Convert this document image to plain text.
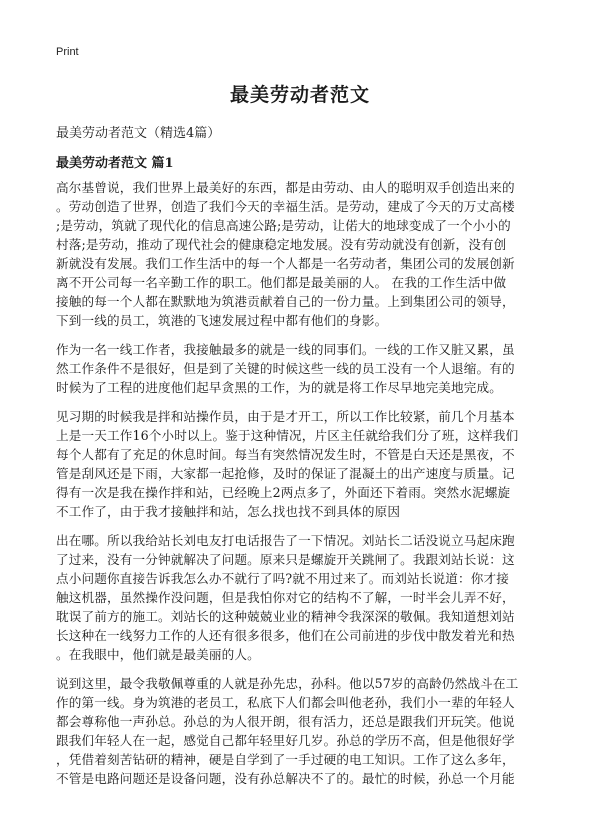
Print
最美劳动者范文
最美劳动者范文（精选4篇）
最美劳动者范文 篇1
高尔基曾说，我们世界上最美好的东西，都是由劳动、由人的聪明双手创造出来的
。劳动创造了世界，创造了我们今天的幸福生活。是劳动，建成了今天的万丈高楼
;是劳动，筑就了现代化的信息高速公路;是劳动，让偌大的地球变成了一个小小的
村落;是劳动，推动了现代社会的健康稳定地发展。没有劳动就没有创新，没有创
新就没有发展。我们工作生活中的每一个人都是一名劳动者，集团公司的发展创新
离不开公司每一名辛勤工作的职工。他们都是最美丽的人。 在我的工作生活中做
接触的每一个人都在默默地为筑港贡献着自己的一份力量。上到集团公司的领导，
下到一线的员工，筑港的飞速发展过程中都有他们的身影。
作为一名一线工作者，我接触最多的就是一线的同事们。一线的工作又脏又累，虽
然工作条件不是很好，但是到了关键的时候这些一线的员工没有一个人退缩。有的
时候为了工程的进度他们起早贪黑的工作，为的就是将工作尽早地完美地完成。
见习期的时候我是拌和站操作员，由于是才开工，所以工作比较紧，前几个月基本
上是一天工作16个小时以上。鉴于这种情况，片区主任就给我们分了班，这样我们
每个人都有了充足的休息时间。每当有突然情况发生时，不管是白天还是黑夜，不
管是刮风还是下雨，大家都一起抢修，及时的保证了混凝土的出产速度与质量。记
得有一次是我在操作拌和站，已经晚上2两点多了，外面还下着雨。突然水泥螺旋
不工作了，由于我才接触拌和站，怎么找也找不到具体的原因
出在哪。所以我给站长刘电友打电话报告了一下情况。刘站长二话没说立马起床跑
了过来，没有一分钟就解决了问题。原来只是螺旋开关跳闸了。我跟刘站长说：这
点小问题你直接告诉我怎么办不就行了吗?就不用过来了。而刘站长说道：你才接
触这机器，虽然操作没问题，但是我怕你对它的结构不了解，一时半会儿弄不好，
耽误了前方的施工。刘站长的这种兢兢业业的精神令我深深的敬佩。我知道想刘站
长这种在一线努力工作的人还有很多很多，他们在公司前进的步伐中散发着光和热
。在我眼中，他们就是最美丽的人。
说到这里，最令我敬佩尊重的人就是孙先忠，孙科。他以57岁的高龄仍然战斗在工
作的第一线。身为筑港的老员工，私底下人们都会叫他老孙，我们小一辈的年轻人
都会尊称他一声孙总。孙总的为人很开朗，很有活力，还总是跟我们开玩笑。他说
跟我们年轻人在一起，感觉自己都年轻里好几岁。孙总的学历不高，但是他很好学
，凭借着刻苦钻研的精神，硬是自学到了一手过硬的电工知识。工作了这么多年，
不管是电路问题还是设备问题，没有孙总解决不了的。最忙的时候，孙总一个月能
